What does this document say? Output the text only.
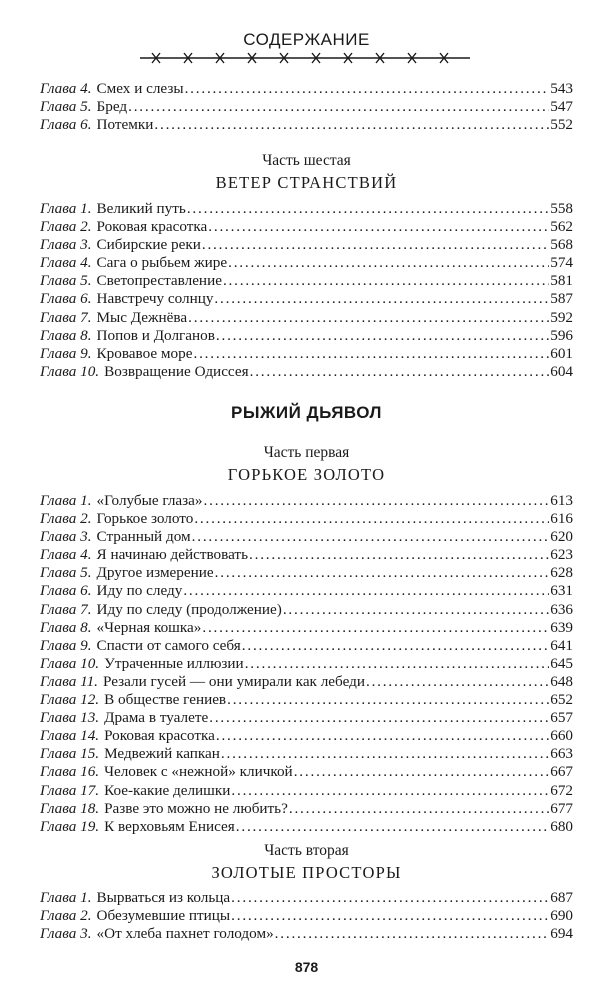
СОДЕРЖАНИЕ
Глава 4. Смех и слезы . . .	543
Глава 5. Бред . . .	547
Глава 6. Потемки . . .	552
Часть шестая
ВЕТЕР СТРАНСТВИЙ
Глава 1. Великий путь . . .	558
Глава 2. Роковая красотка . . .	562
Глава 3. Сибирские реки . . .	568
Глава 4. Сага о рыбьем жире . . .	574
Глава 5. Светопреставление . . .	581
Глава 6. Навстречу солнцу . . .	587
Глава 7. Мыс Дежнёва . . .	592
Глава 8. Попов и Долганов . . .	596
Глава 9. Кровавое море . . .	601
Глава 10. Возвращение Одиссея . . .	604
РЫЖИЙ ДЬЯВОЛ
Часть первая
ГОРЬКОЕ ЗОЛОТО
Глава 1. «Голубые глаза» . . .	613
Глава 2. Горькое золото . . .	616
Глава 3. Странный дом . . .	620
Глава 4. Я начинаю действовать . . .	623
Глава 5. Другое измерение . . .	628
Глава 6. Иду по следу . . .	631
Глава 7. Иду по следу (продолжение) . . .	636
Глава 8. «Черная кошка» . . .	639
Глава 9. Спасти от самого себя . . .	641
Глава 10. Утраченные иллюзии . . .	645
Глава 11. Резали гусей — они умирали как лебеди . . .	648
Глава 12. В обществе гениев . . .	652
Глава 13. Драма в туалете . . .	657
Глава 14. Роковая красотка . . .	660
Глава 15. Медвежий капкан . . .	663
Глава 16. Человек с «нежной» кличкой . . .	667
Глава 17. Кое-какие делишки . . .	672
Глава 18. Разве это можно не любить? . . .	677
Глава 19. К верховьям Енисея . . .	680
Часть вторая
ЗОЛОТЫЕ ПРОСТОРЫ
Глава 1. Вырваться из кольца . . .	687
Глава 2. Обезумевшие птицы . . .	690
Глава 3. «От хлеба пахнет голодом» . . .	694
878
